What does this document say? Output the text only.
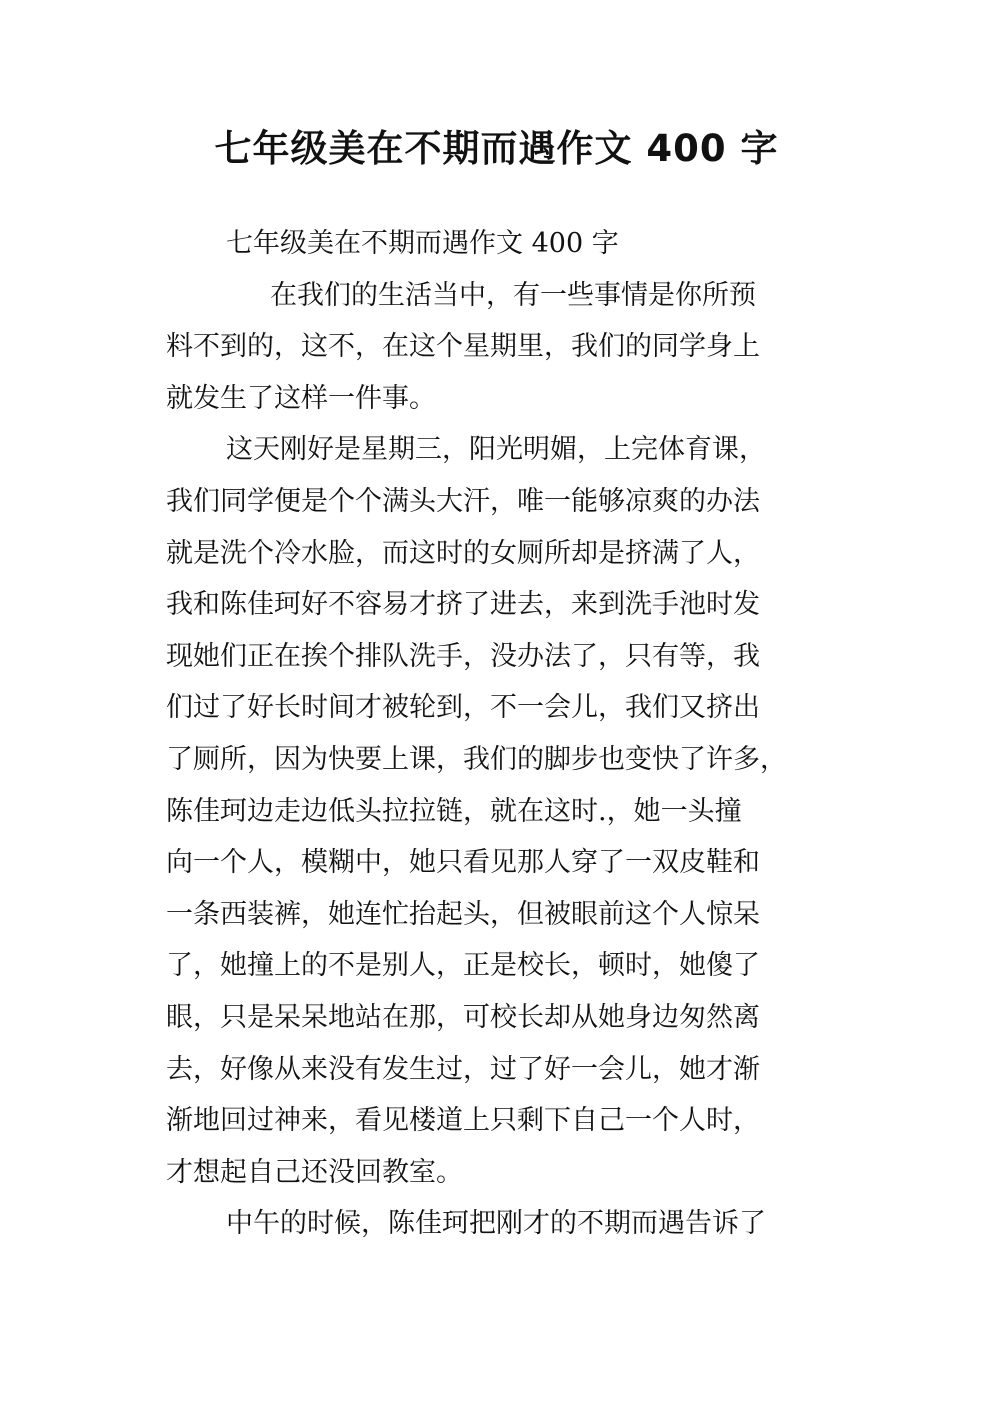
七年级美在不期而遇作文 400 字
七年级美在不期而遇作文 400 字
在我们的生活当中，有一些事情是你所预
料不到的，这不，在这个星期里，我们的同学身上
就发生了这样一件事。
这天刚好是星期三，阳光明媚，上完体育课，
我们同学便是个个满头大汗，唯一能够凉爽的办法
就是洗个冷水脸，而这时的女厕所却是挤满了人，
我和陈佳珂好不容易才挤了进去，来到洗手池时发
现她们正在挨个排队洗手，没办法了，只有等，我
们过了好长时间才被轮到，不一会儿，我们又挤出
了厕所，因为快要上课，我们的脚步也变快了许多，
陈佳珂边走边低头拉拉链，就在这时.，她一头撞
向一个人，模糊中，她只看见那人穿了一双皮鞋和
一条西装裤，她连忙抬起头，但被眼前这个人惊呆
了，她撞上的不是别人，正是校长，顿时，她傻了
眼，只是呆呆地站在那，可校长却从她身边匆然离
去，好像从来没有发生过，过了好一会儿，她才渐
渐地回过神来，看见楼道上只剩下自己一个人时，
才想起自己还没回教室。
中午的时候，陈佳珂把刚才的不期而遇告诉了
